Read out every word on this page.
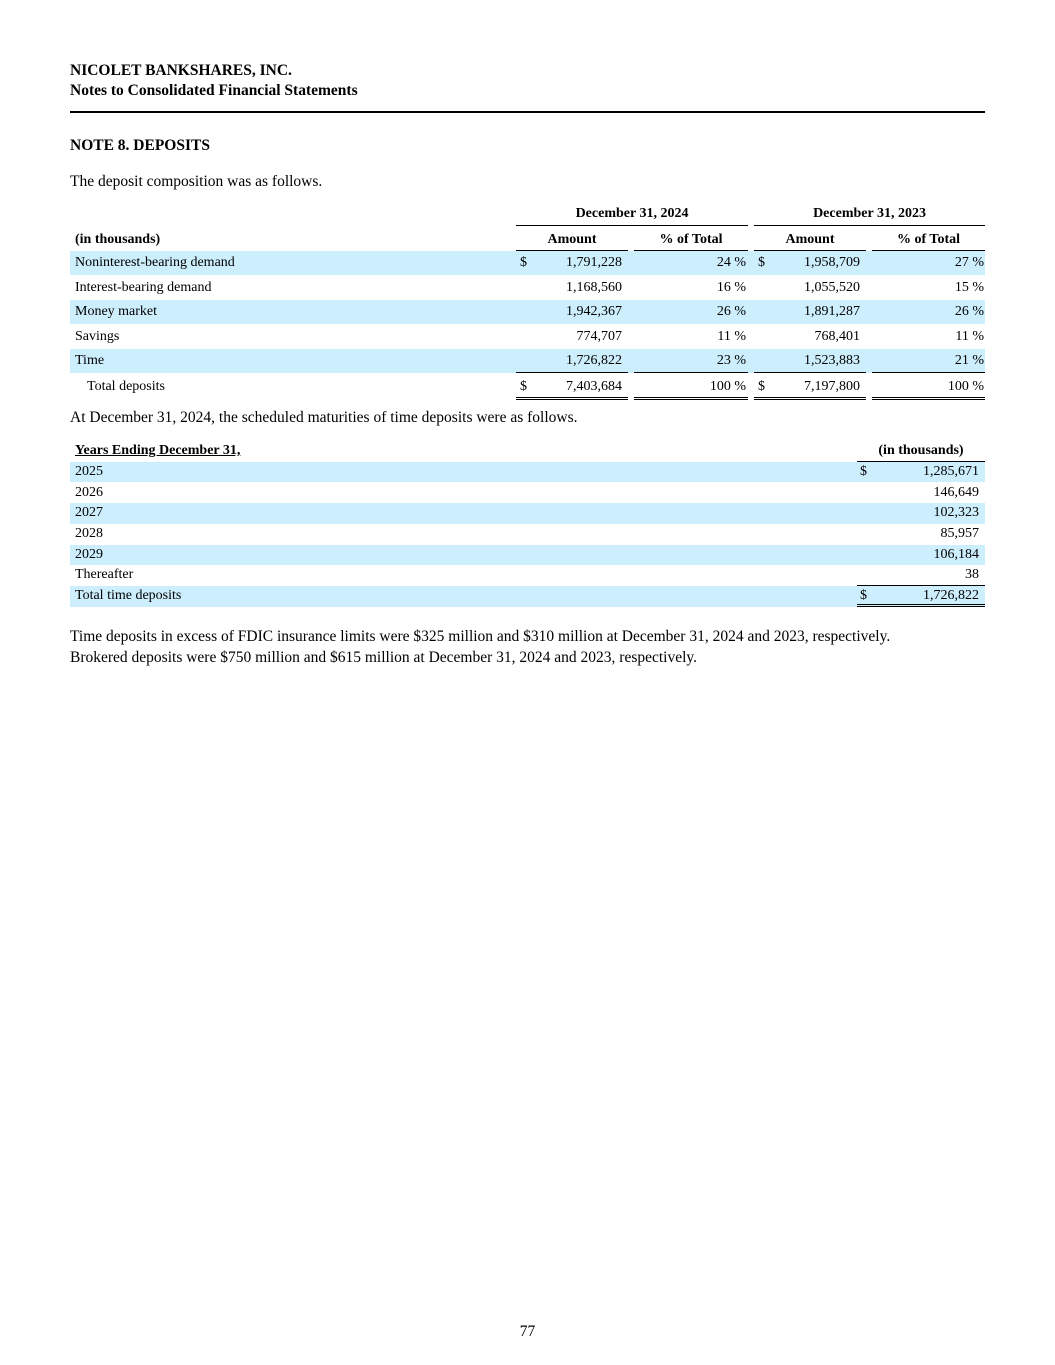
NICOLET BANKSHARES, INC.
Notes to Consolidated Financial Statements
NOTE 8. DEPOSITS
The deposit composition was as follows.
December 31, 2024	December 31, 2023
(in thousands)	Amount	% of Total	Amount	% of Total
Noninterest-bearing demand	$	1,791,228	24 % $	1,958,709	27 %
Interest-bearing demand	1,168,560	16 %	1,055,520	15 %
Money market	1,942,367	26 %	1,891,287	26 %
Savings	774,707	11 %	768,401	11 %
Time	1,726,822	23 %	1,523,883	21 %
Total deposits	$	7,403,684	100 % $	7,197,800	100 %
At December 31, 2024, the scheduled maturities of time deposits were as follows.
Years Ending December 31,	(in thousands)
2025	$	1,285,671
2026	146,649
2027	102,323
2028	85,957
2029	106,184
Thereafter	38
Total time deposits	$	1,726,822
Time deposits in excess of FDIC insurance limits were $325 million and $310 million at December 31, 2024 and 2023, respectively.
Brokered deposits were $750 million and $615 million at December 31, 2024 and 2023, respectively.
77
